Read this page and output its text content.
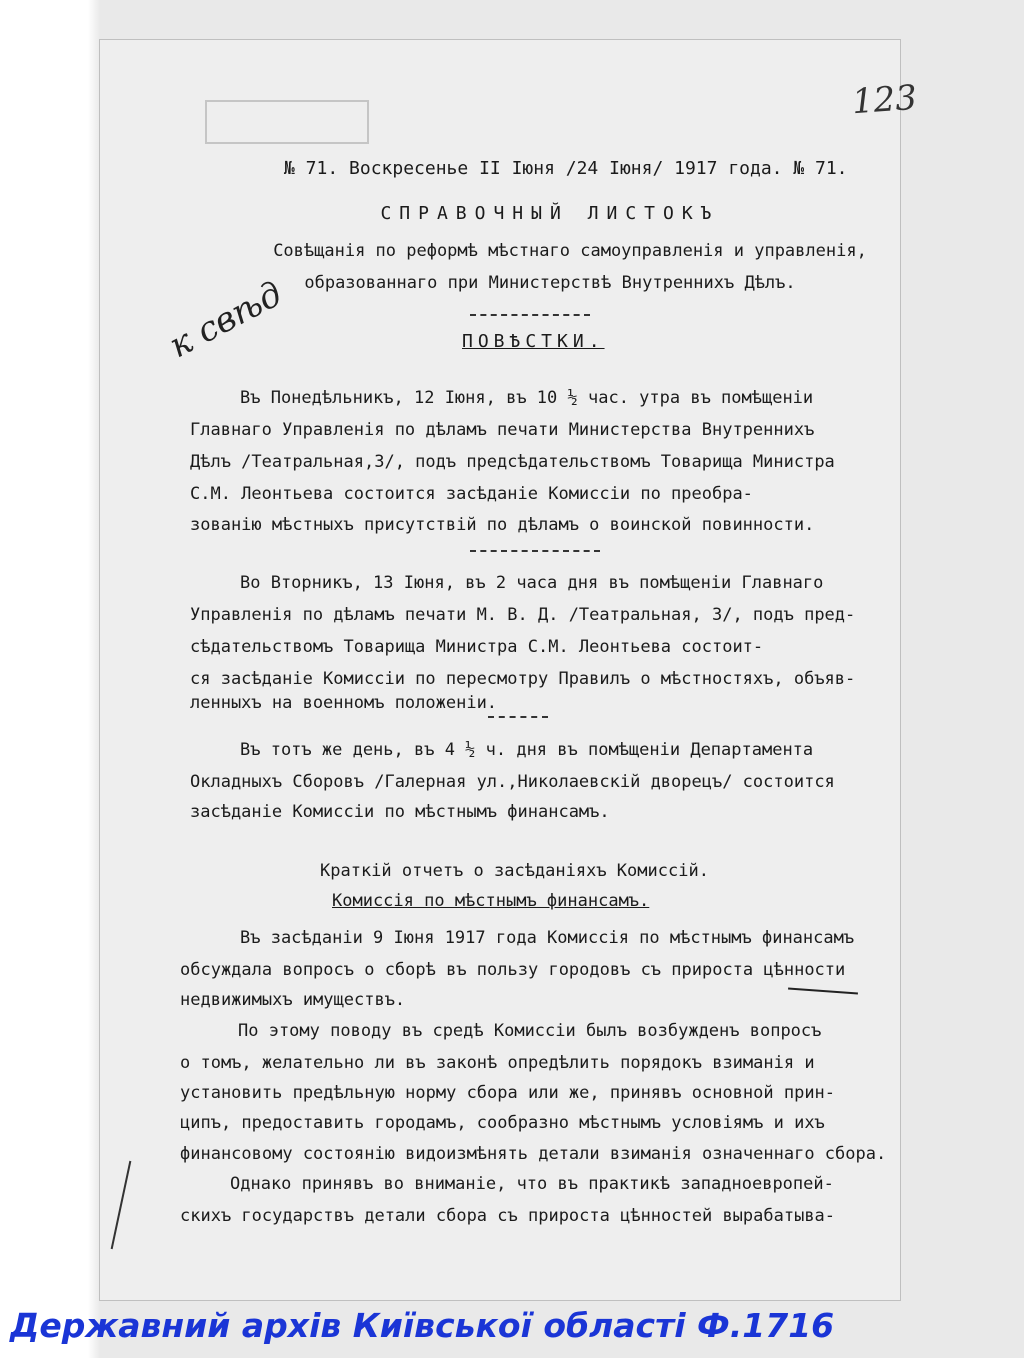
123
к свѣд
№ 71. Воскресенье II Іюня /24 Іюня/ 1917 года. № 71.
СПРАВОЧНЫЙ ЛИСТОКЪ
Совѣщанія по реформѣ мѣстнаго самоуправленія и управленія,
образованнаго при Министерствѣ Внутреннихъ Дѣлъ.
ПОВѢСТКИ.
Въ Понедѣльникъ, 12 Іюня, въ 10 ½ час. утра въ помѣщеніи
Главнаго Управленія по дѣламъ печати Министерства Внутреннихъ
Дѣлъ /Театральная,3/, подъ предсѣдательствомъ Товарища Министра
С.М. Леонтьева состоится засѣданіе Комиссіи по преобра-
зованію мѣстныхъ присутствій по дѣламъ о воинской повинности.
Во Вторникъ, 13 Іюня, въ 2 часа дня въ помѣщеніи Главнаго
Управленія по дѣламъ печати М. В. Д. /Театральная, 3/, подъ пред-
сѣдательствомъ Товарища Министра С.М. Леонтьева состоит-
ся засѣданіе Комиссіи по пересмотру Правилъ о мѣстностяхъ, объяв-
ленныхъ на военномъ положеніи.
Въ тотъ же день, въ 4 ½ ч. дня въ помѣщеніи Департамента
Окладныхъ Сборовъ /Галерная ул.,Николаевскій дворецъ/ состоится
засѣданіе Комиссіи по мѣстнымъ финансамъ.
Краткій отчетъ о засѣданіяхъ Комиссій.
Комиссія по мѣстнымъ финансамъ.
Въ засѣданіи 9 Іюня 1917 года Комиссія по мѣстнымъ финансамъ
обсуждала вопросъ о сборѣ въ пользу городовъ съ прироста цѣнности
недвижимыхъ имуществъ.
По этому поводу въ средѣ Комиссіи былъ возбужденъ вопросъ
о томъ, желательно ли въ законѣ опредѣлить порядокъ взиманія и
установить предѣльную норму сбора или же, принявъ основной прин-
ципъ, предоставить городамъ, сообразно мѣстнымъ условіямъ и ихъ
финансовому состоянію видоизмѣнять детали взиманія означеннаго сбора.
Однако принявъ во вниманіе, что въ практикѣ западноевропей-
скихъ государствъ детали сбора съ прироста цѣнностей вырабатыва-
Державний архів Київської області Ф.1716
